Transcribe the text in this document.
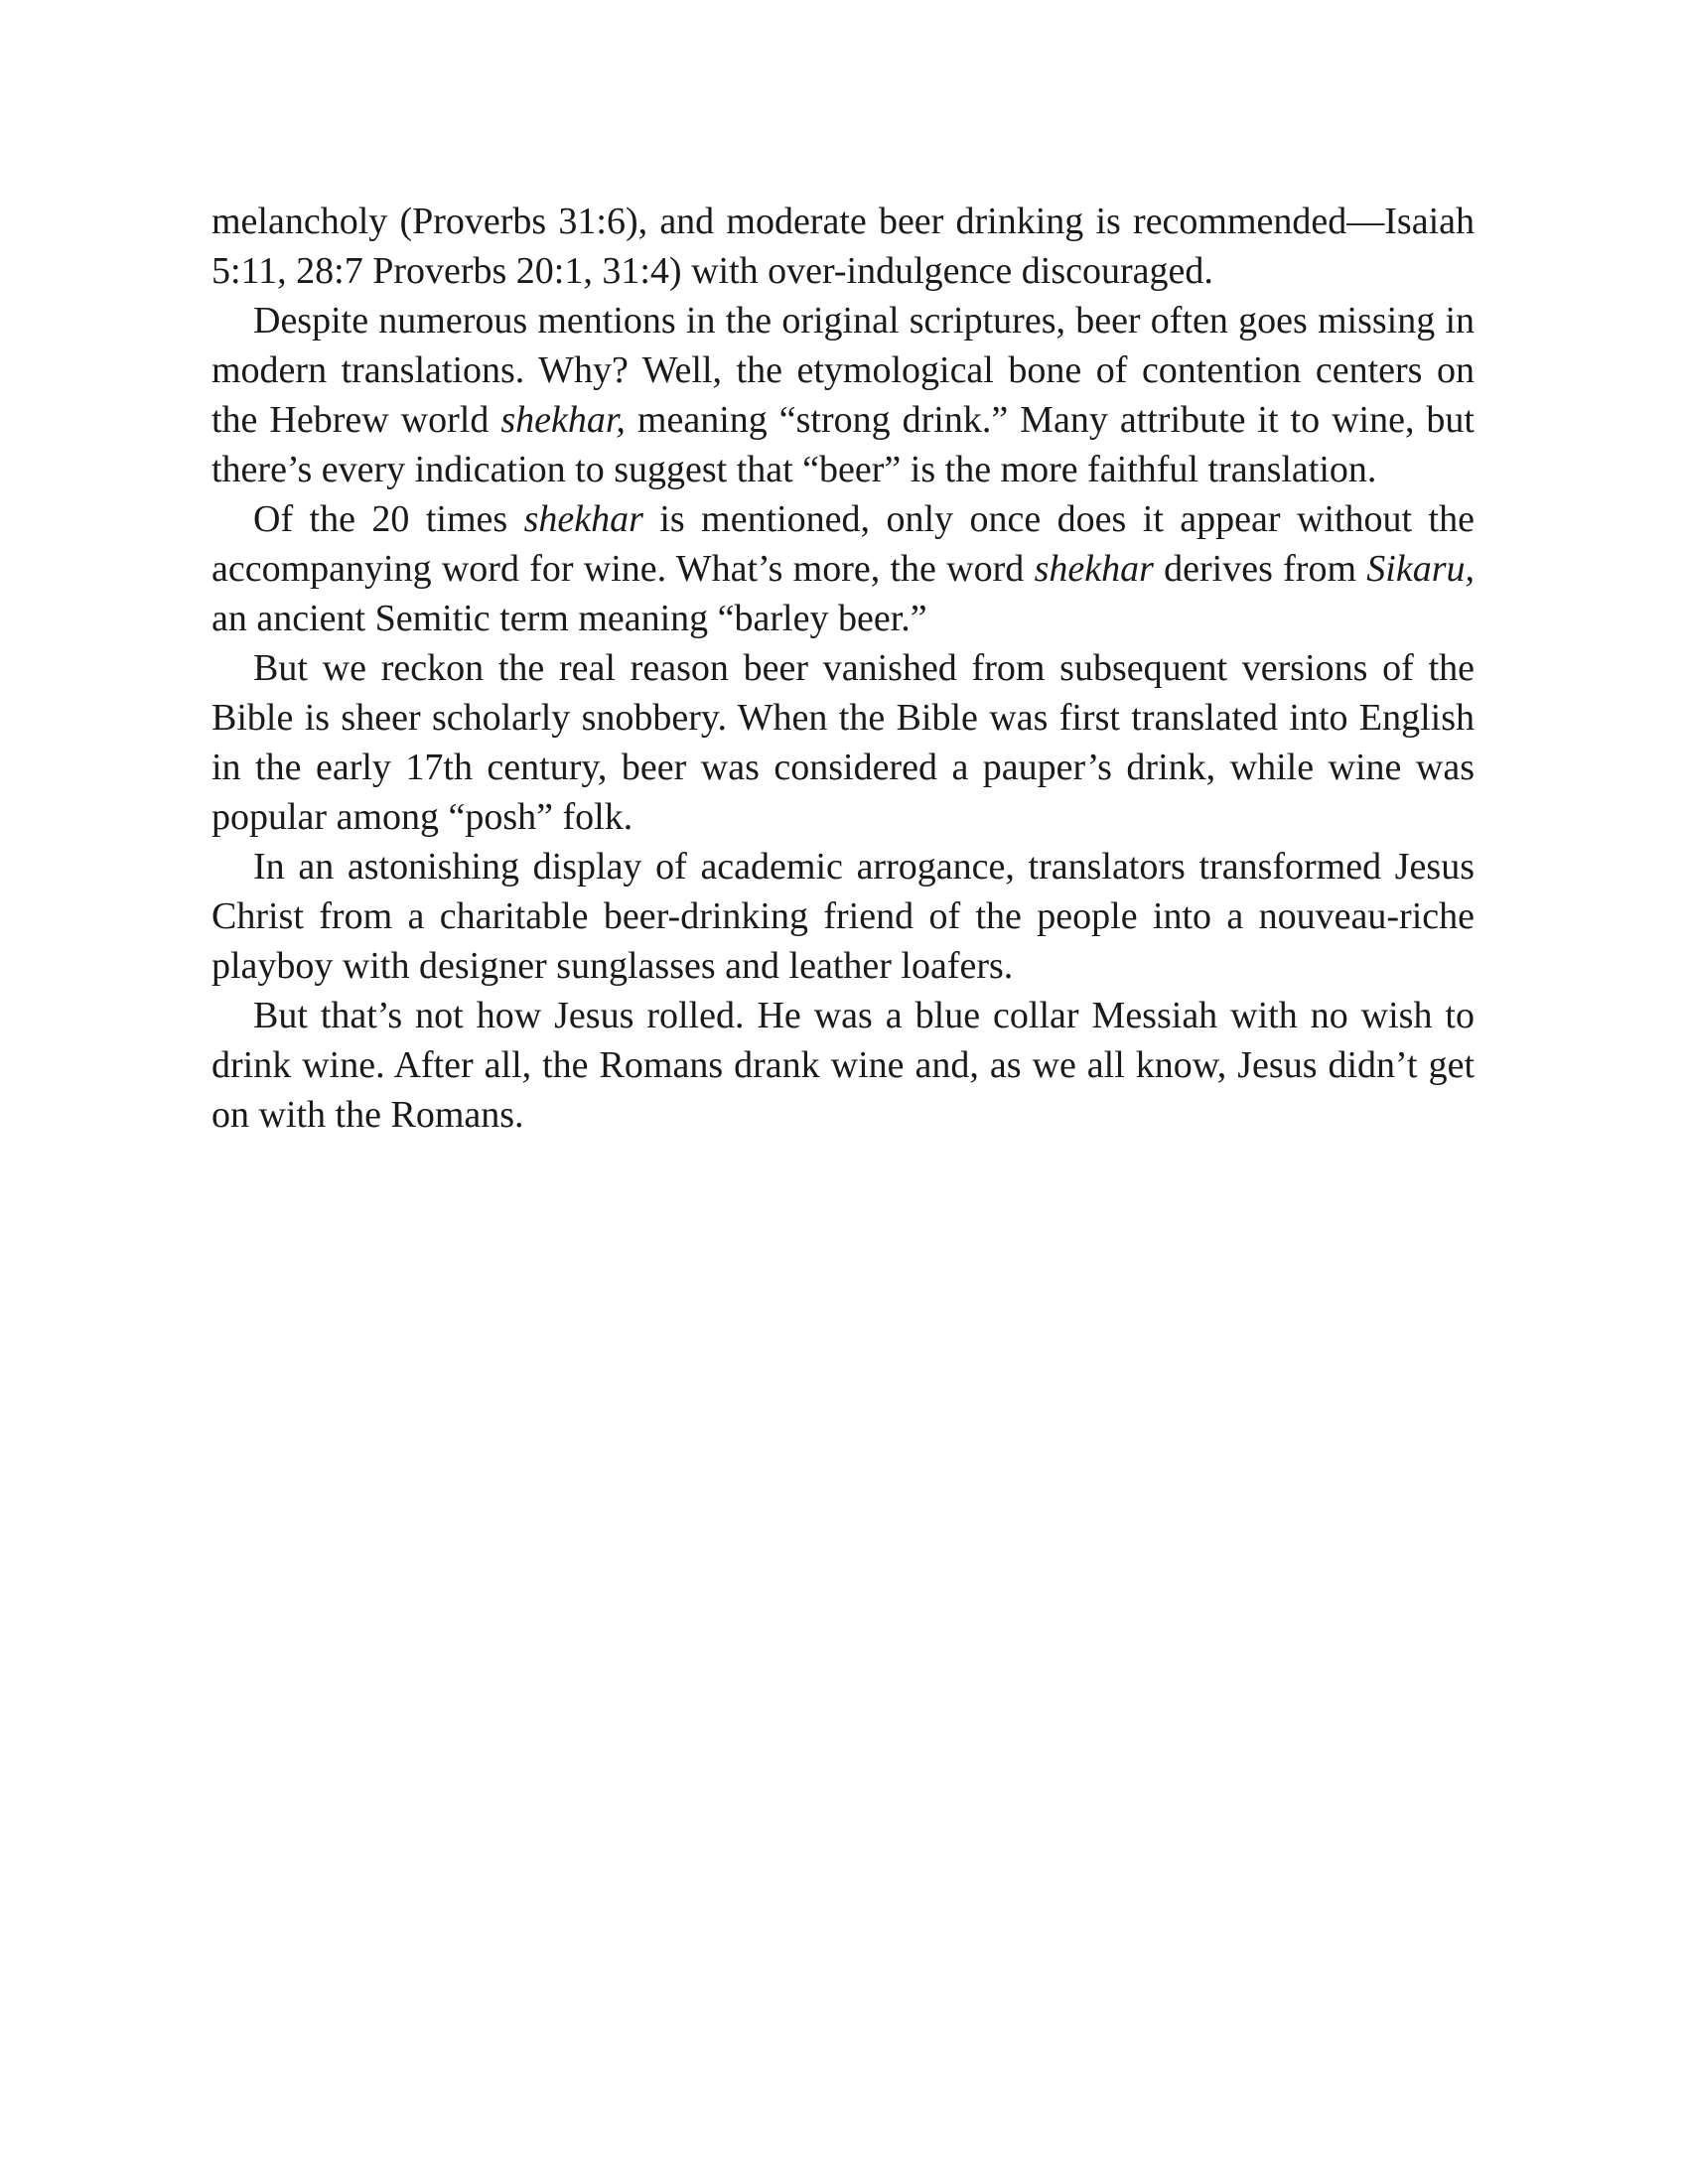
melancholy (Proverbs 31:6), and moderate beer drinking is recommended—Isaiah 5:11, 28:7 Proverbs 20:1, 31:4) with over-indulgence discouraged.

Despite numerous mentions in the original scriptures, beer often goes missing in modern translations. Why? Well, the etymological bone of contention centers on the Hebrew world shekhar, meaning “strong drink.” Many attribute it to wine, but there’s every indication to suggest that “beer” is the more faithful translation.

Of the 20 times shekhar is mentioned, only once does it appear without the accompanying word for wine. What’s more, the word shekhar derives from Sikaru, an ancient Semitic term meaning “barley beer.”

But we reckon the real reason beer vanished from subsequent versions of the Bible is sheer scholarly snobbery. When the Bible was first translated into English in the early 17th century, beer was considered a pauper’s drink, while wine was popular among “posh” folk.

In an astonishing display of academic arrogance, translators transformed Jesus Christ from a charitable beer-drinking friend of the people into a nouveau-riche playboy with designer sunglasses and leather loafers.

But that’s not how Jesus rolled. He was a blue collar Messiah with no wish to drink wine. After all, the Romans drank wine and, as we all know, Jesus didn’t get on with the Romans.
